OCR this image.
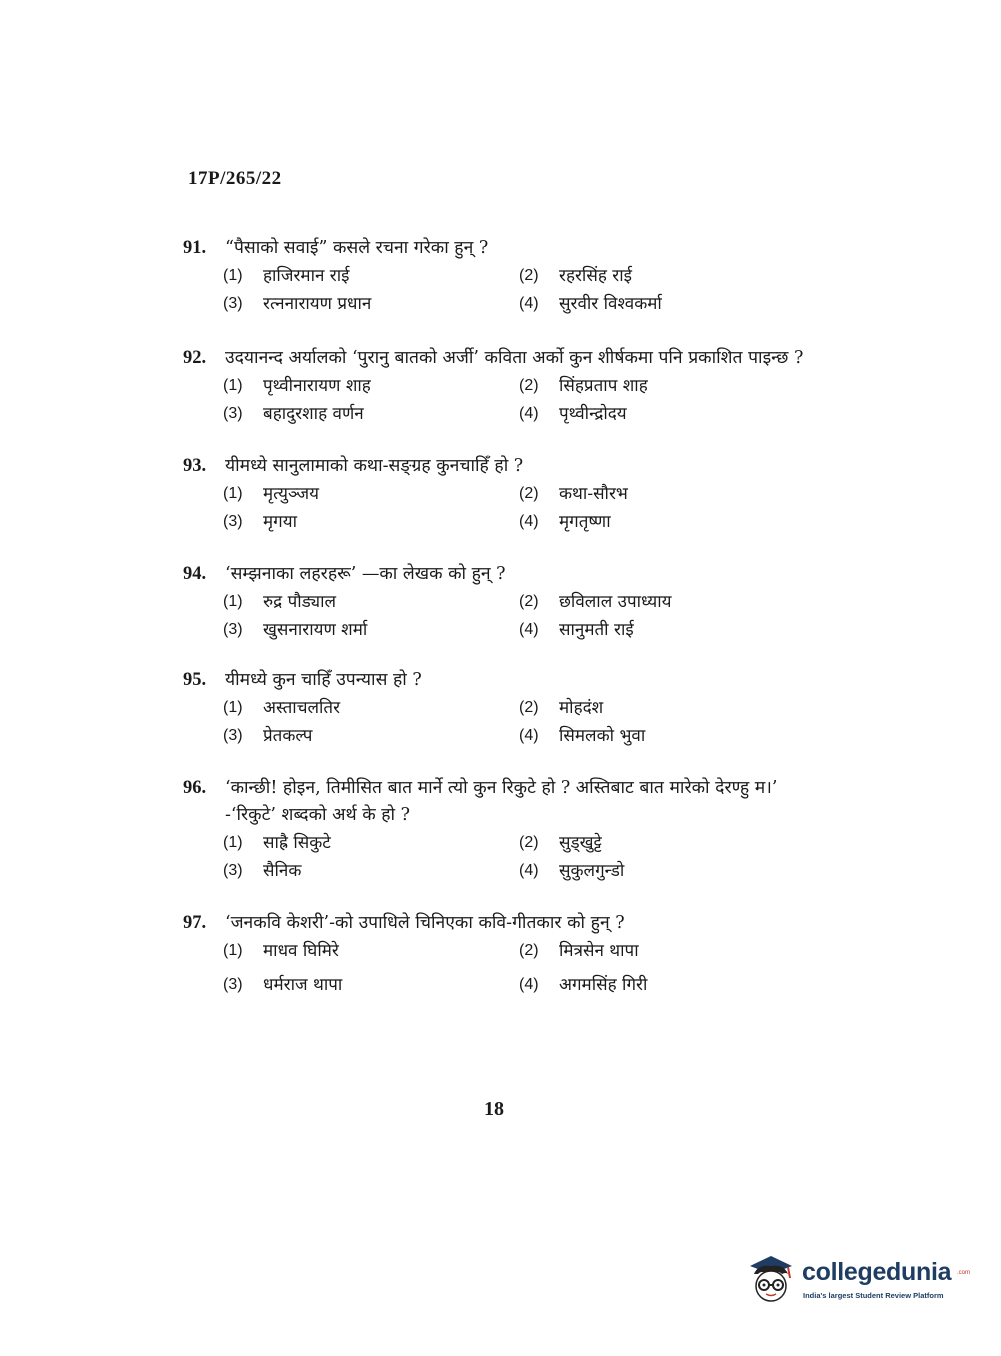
17P/265/22
91.	“पैसाको सवाई” कसले रचना गरेका हुन् ?
(1)	हाजिरमान राई	(2)	रहरसिंह राई
(3)	रत्ननारायण प्रधान	(4)	सुरवीर विश्वकर्मा
92.	उदयानन्द अर्यालको ‘पुरानु बातको अर्जी’ कविता अर्को कुन शीर्षकमा पनि प्रकाशित पाइन्छ ?
(1)	पृथ्वीनारायण शाह	(2)	सिंहप्रताप शाह
(3)	बहादुरशाह वर्णन	(4)	पृथ्वीन्द्रोदय
93.	यीमध्ये सानुलामाको कथा-सङ्ग्रह कुनचाहिँ हो ?
(1)	मृत्युञ्जय	(2)	कथा-सौरभ
(3)	मृगया	(4)	मृगतृष्णा
94.	‘सम्झनाका लहरहरू’ —का लेखक को हुन् ?
(1)	रुद्र पौड्याल	(2)	छविलाल उपाध्याय
(3)	खुसनारायण शर्मा	(4)	सानुमती राई
95.	यीमध्ये कुन चाहिँ उपन्यास हो ?
(1)	अस्ताचलतिर	(2)	मोहदंश
(3)	प्रेतकल्प	(4)	सिमलको भुवा
96.	‘कान्छी! होइन, तिमीसित बात मार्ने त्यो कुन रिकुटे हो ? अस्तिबाट बात मारेको देरण्हु म।’
-‘रिकुटे’ शब्दको अर्थ के हो ?
(1)	साह्रै सिकुटे	(2)	सुड्खुट्टे
(3)	सैनिक	(4)	सुकुलगुन्डो
97.	‘जनकवि केशरी’-को उपाधिले चिनिएका कवि-गीतकार को हुन् ?
(1)	माधव घिमिरे	(2)	मित्रसेन थापा
(3)	धर्मराज थापा	(4)	अगमसिंह गिरी
18
collegedunia .com
India's largest Student Review Platform
